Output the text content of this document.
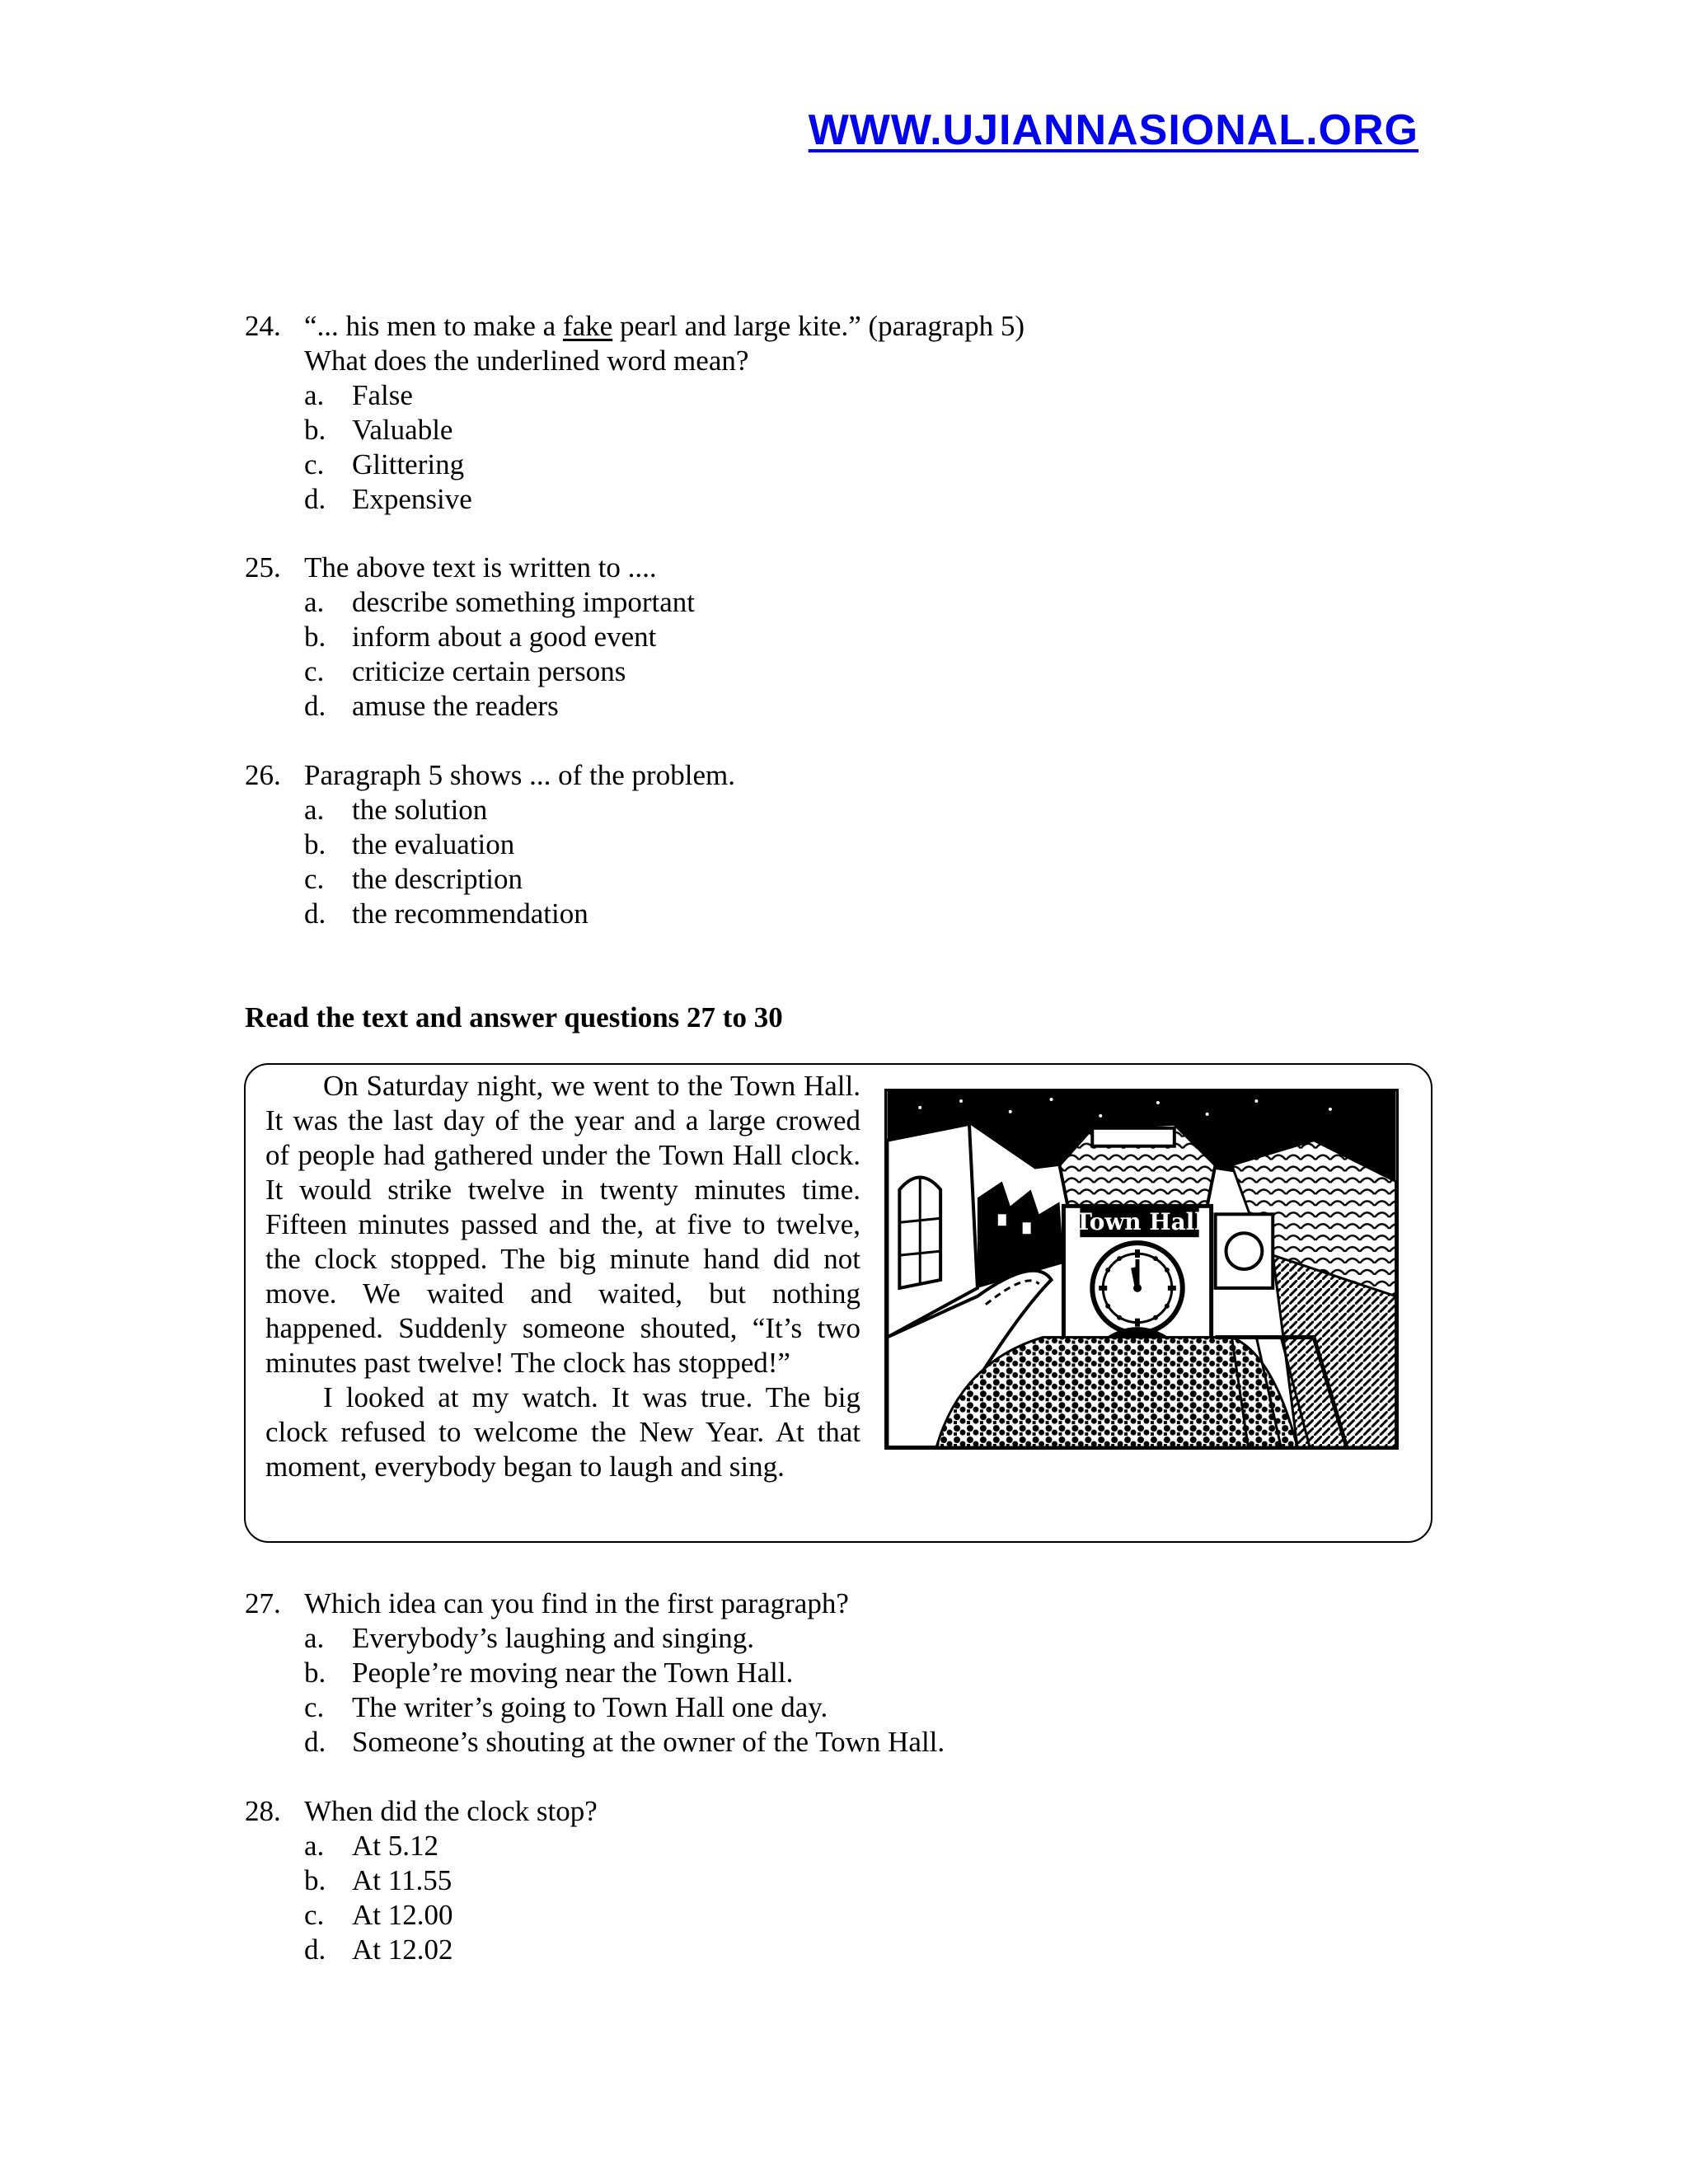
WWW.UJIANNASIONAL.ORG
24. “... his men to make a fake pearl and large kite.” (paragraph 5)
What does the underlined word mean?
a. False
b. Valuable
c. Glittering
d. Expensive
25. The above text is written to ....
a. describe something important
b. inform about a good event
c. criticize certain persons
d. amuse the readers
26. Paragraph 5 shows ... of the problem.
a. the solution
b. the evaluation
c. the description
d. the recommendation
Read the text and answer questions 27 to 30

On Saturday night, we went to the Town Hall. It was the last day of the year and a large crowed of people had gathered under the Town Hall clock. It would strike twelve in twenty minutes time. Fifteen minutes passed and the, at five to twelve, the clock stopped. The big minute hand did not move. We waited and waited, but nothing happened. Suddenly someone shouted, “It’s two minutes past twelve! The clock has stopped!”

I looked at my watch. It was true. The big clock refused to welcome the New Year. At that moment, everybody began to laugh and sing.

Town Hall
27. Which idea can you find in the first paragraph?
a. Everybody’s laughing and singing.
b. People’re moving near the Town Hall.
c. The writer’s going to Town Hall one day.
d. Someone’s shouting at the owner of the Town Hall.
28. When did the clock stop?
a. At 5.12
b. At 11.55
c. At 12.00
d. At 12.02
